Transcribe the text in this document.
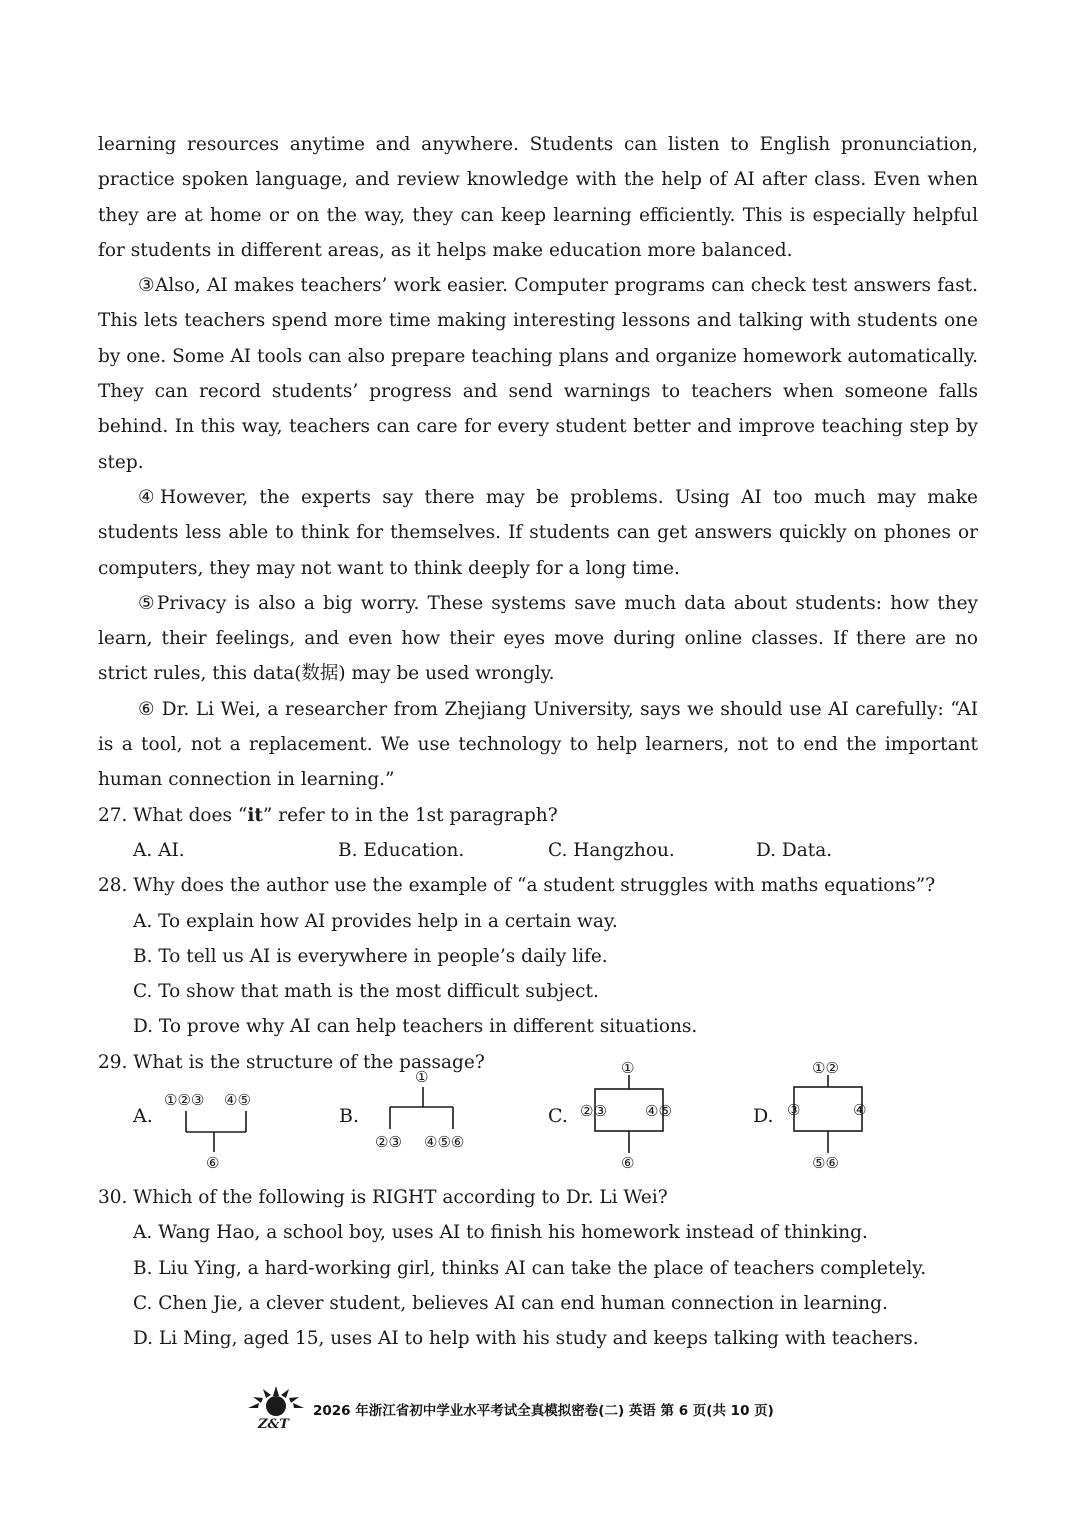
learning resources anytime and anywhere. Students can listen to English pronunciation, practice spoken language, and review knowledge with the help of AI after class. Even when they are at home or on the way, they can keep learning efficiently. This is especially helpful for students in different areas, as it helps make education more balanced.

③Also, AI makes teachers’ work easier. Computer programs can check test answers fast. This lets teachers spend more time making interesting lessons and talking with students one by one. Some AI tools can also prepare teaching plans and organize homework automatically. They can record students’ progress and send warnings to teachers when someone falls behind. In this way, teachers can care for every student better and improve teaching step by step.

④However, the experts say there may be problems. Using AI too much may make students less able to think for themselves. If students can get answers quickly on phones or computers, they may not want to think deeply for a long time.

⑤Privacy is also a big worry. These systems save much data about students: how they learn, their feelings, and even how their eyes move during online classes. If there are no strict rules, this data(数据) may be used wrongly.

⑥ Dr. Li Wei, a researcher from Zhejiang University, says we should use AI carefully: “AI is a tool, not a replacement. We use technology to help learners, not to end the important human connection in learning.”

27. What does “it” refer to in the 1st paragraph?

A. AI.	B. Education.	C. Hangzhou.	D. Data.

28. Why does the author use the example of “a student struggles with maths equations”?

A. To explain how AI provides help in a certain way.

B. To tell us AI is everywhere in people’s daily life.

C. To show that math is the most difficult subject.

D. To prove why AI can help teachers in different situations.

29. What is the structure of the passage?

A.
①②③ ④⑤
⑥
B.
①
②③ ④⑤⑥
C.
①
②③	④⑤
⑥
D.
①②
③	④
⑤⑥

30. Which of the following is RIGHT according to Dr. Li Wei?

A. Wang Hao, a school boy, uses AI to finish his homework instead of thinking.

B. Liu Ying, a hard-working girl, thinks AI can take the place of teachers completely.

C. Chen Jie, a clever student, believes AI can end human connection in learning.

D. Li Ming, aged 15, uses AI to help with his study and keeps talking with teachers.

Z&T
2026 年浙江省初中学业水平考试全真模拟密卷(二) 英语 第 6 页(共 10 页)
